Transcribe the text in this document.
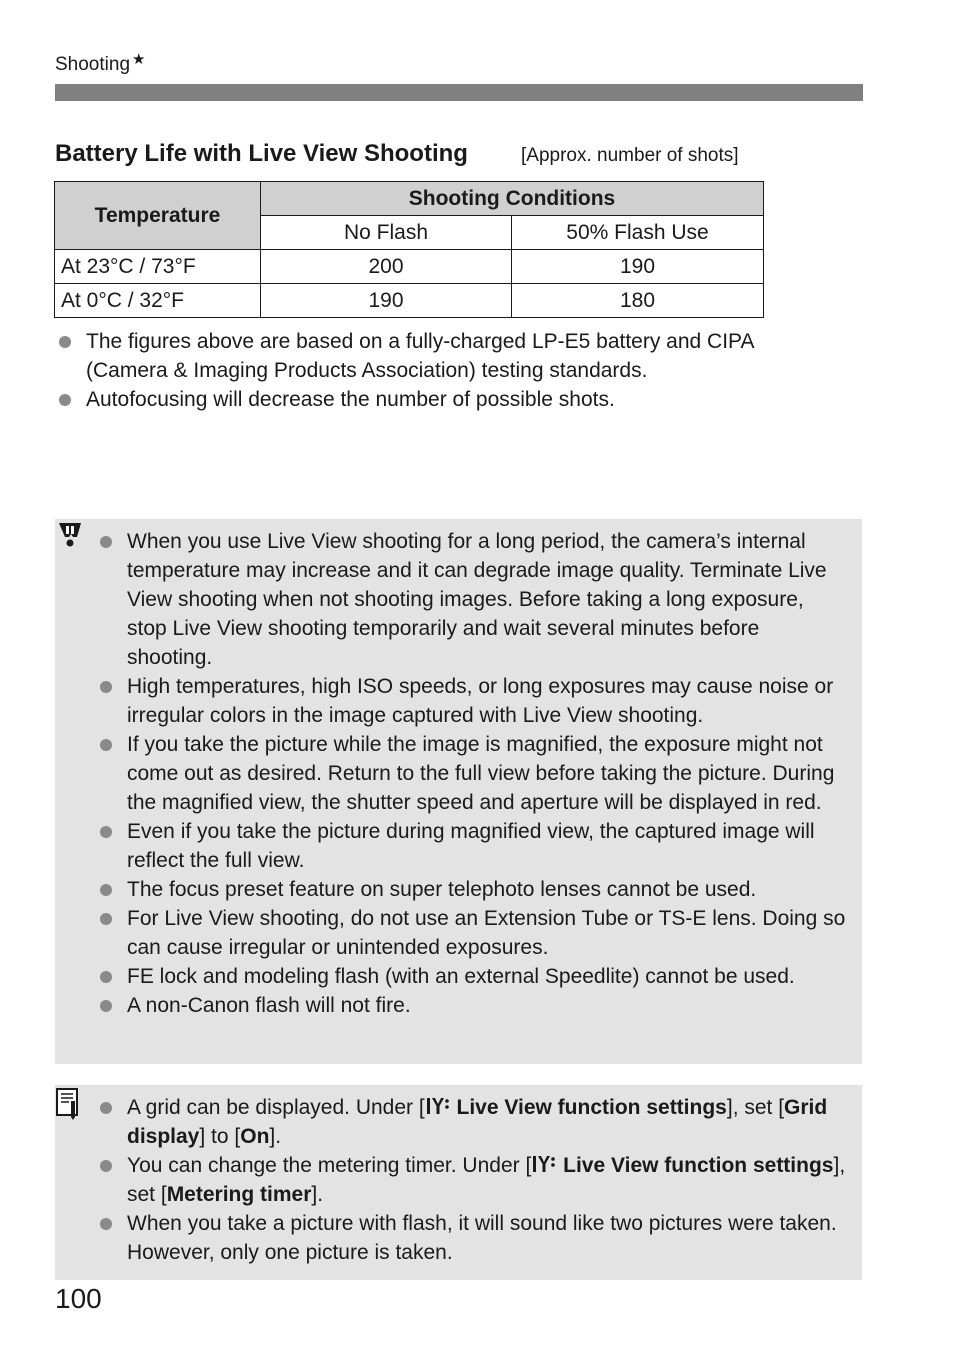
Shooting ★
Battery Life with Live View Shooting	[Approx. number of shots]
Temperature	Shooting Conditions	
	No Flash	50% Flash Use
At 23°C / 73°F	200	190
At 0°C / 32°F	190	180
The figures above are based on a fully-charged LP-E5 battery and CIPA (Camera & Imaging Products Association) testing standards.
Autofocusing will decrease the number of possible shots.
When you use Live View shooting for a long period, the camera’s internal temperature may increase and it can degrade image quality. Terminate Live View shooting when not shooting images. Before taking a long exposure, stop Live View shooting temporarily and wait several minutes before shooting.
High temperatures, high ISO speeds, or long exposures may cause noise or irregular colors in the image captured with Live View shooting.
If you take the picture while the image is magnified, the exposure might not come out as desired. Return to the full view before taking the picture. During the magnified view, the shutter speed and aperture will be displayed in red.
Even if you take the picture during magnified view, the captured image will reflect the full view.
The focus preset feature on super telephoto lenses cannot be used.
For Live View shooting, do not use an Extension Tube or TS-E lens. Doing so can cause irregular or unintended exposures.
FE lock and modeling flash (with an external Speedlite) cannot be used.
A non-Canon flash will not fire.
A grid can be displayed. Under [ Live View function settings], set [Grid display] to [On].
You can change the metering timer. Under [ Live View function settings], set [Metering timer].
When you take a picture with flash, it will sound like two pictures were taken. However, only one picture is taken.
100
